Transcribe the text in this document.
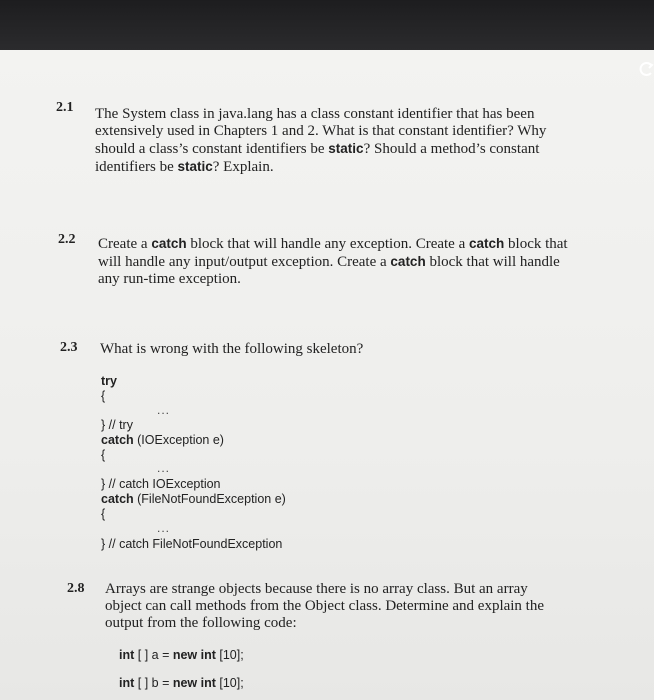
2.1 The System class in java.lang has a class constant identifier that has been extensively used in Chapters 1 and 2. What is that constant identifier? Why should a class’s constant identifiers be static? Should a method’s constant identifiers be static? Explain.
2.2 Create a catch block that will handle any exception. Create a catch block that will handle any input/output exception. Create a catch block that will handle any run-time exception.
2.3 What is wrong with the following skeleton?
try
{
...
} // try
catch (IOException e)
{
...
} // catch IOException
catch (FileNotFoundException e)
{
...
} // catch FileNotFoundException
2.8 Arrays are strange objects because there is no array class. But an array object can call methods from the Object class. Determine and explain the output from the following code:
int [ ] a = new int [10];
int [ ] b = new int [10];
